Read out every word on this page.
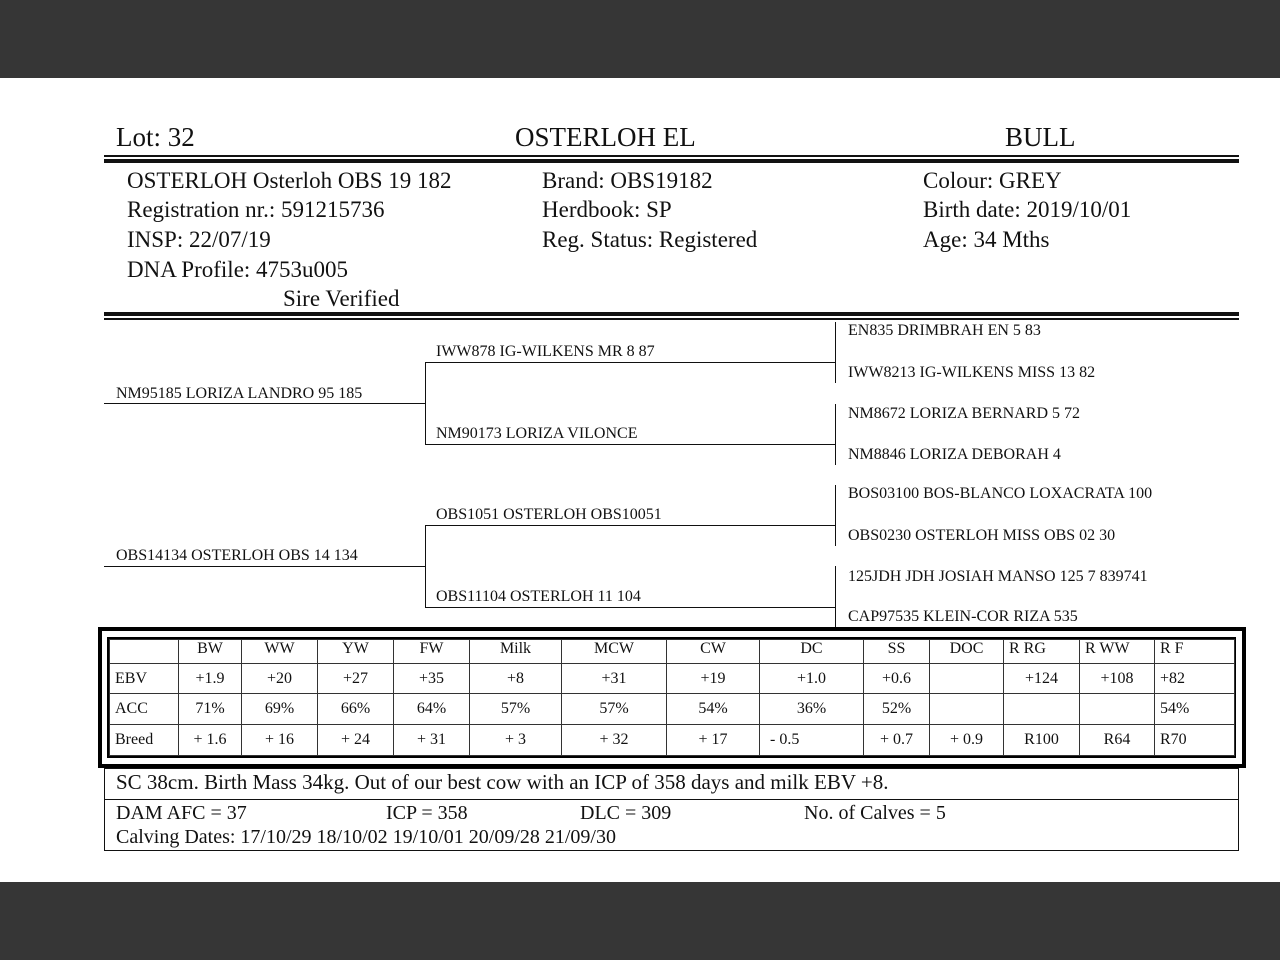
Lot: 32	OSTERLOH EL	BULL
OSTERLOH Osterloh OBS 19 182
Registration nr.: 591215736
INSP: 22/07/19
DNA Profile: 4753u005
Sire Verified
Brand: OBS19182
Herdbook: SP
Reg. Status: Registered
Colour: GREY
Birth date: 2019/10/01
Age: 34 Mths
NM95185 LORIZA LANDRO 95 185
OBS14134 OSTERLOH OBS 14 134
IWW878 IG-WILKENS MR 8 87
NM90173 LORIZA VILONCE
OBS1051 OSTERLOH OBS10051
OBS11104 OSTERLOH 11 104
EN835 DRIMBRAH EN 5 83
IWW8213 IG-WILKENS MISS 13 82
NM8672 LORIZA BERNARD 5 72
NM8846 LORIZA DEBORAH 4
BOS03100 BOS-BLANCO LOXACRATA 100
OBS0230 OSTERLOH MISS OBS 02 30
125JDH JDH JOSIAH MANSO 125 7 839741
CAP97535 KLEIN-COR RIZA 535
	BW	WW	YW	FW	Milk	MCW	CW	DC	SS	DOC	R RG	R WW	R F
EBV	+1.9	+20	+27	+35	+8	+31	+19	+1.0	+0.6		+124	+108	+82
ACC	71%	69%	66%	64%	57%	57%	54%	36%	52%				54%
Breed	+ 1.6	+ 16	+ 24	+ 31	+ 3	+ 32	+ 17	- 0.5	+ 0.7	+ 0.9	R100	R64	R70
SC 38cm. Birth Mass 34kg. Out of our best cow with an ICP of 358 days and milk EBV +8.
DAM AFC = 37	ICP = 358	DLC = 309	No. of Calves = 5
Calving Dates: 17/10/29 18/10/02 19/10/01 20/09/28 21/09/30
